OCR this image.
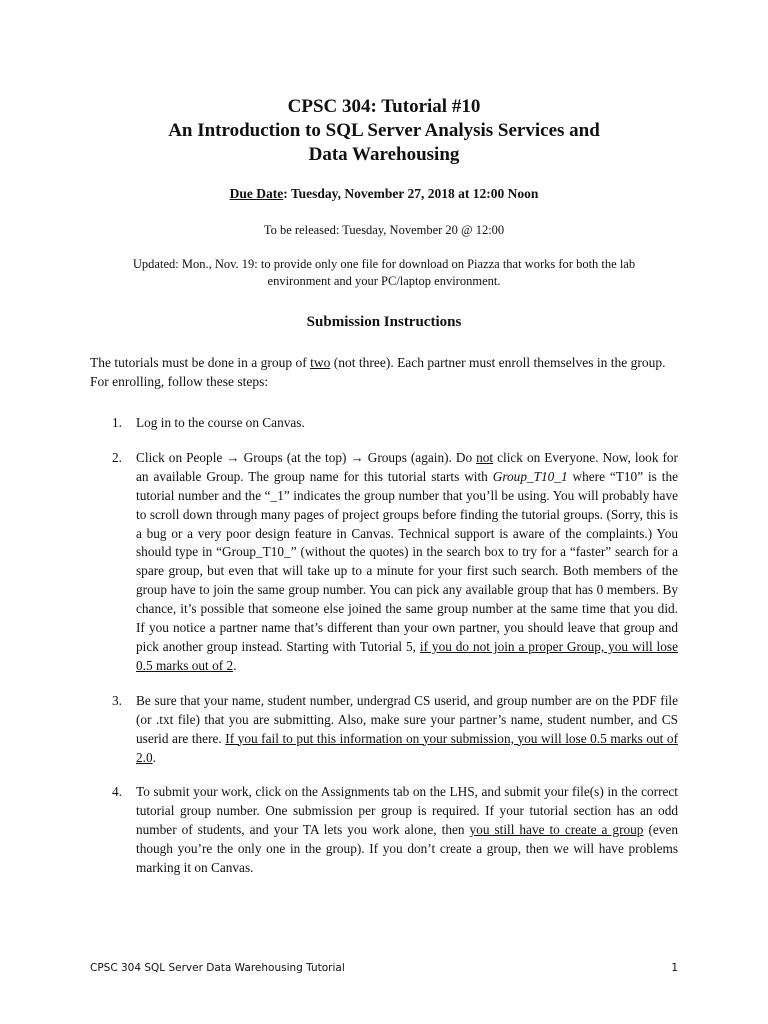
CPSC 304: Tutorial #10
An Introduction to SQL Server Analysis Services and
Data Warehousing
Due Date: Tuesday, November 27, 2018 at 12:00 Noon
To be released: Tuesday, November 20 @ 12:00
Updated: Mon., Nov. 19: to provide only one file for download on Piazza that works for both the lab
environment and your PC/laptop environment.
Submission Instructions
The tutorials must be done in a group of two (not three). Each partner must enroll themselves in the group. For enrolling, follow these steps:
1.	Log in to the course on Canvas.
2.	Click on People → Groups (at the top) → Groups (again). Do not click on Everyone. Now, look for an available Group. The group name for this tutorial starts with Group_T10_1 where “T10” is the tutorial number and the “_1” indicates the group number that you’ll be using. You will probably have to scroll down through many pages of project groups before finding the tutorial groups. (Sorry, this is a bug or a very poor design feature in Canvas. Technical support is aware of the complaints.) You should type in “Group_T10_” (without the quotes) in the search box to try for a “faster” search for a spare group, but even that will take up to a minute for your first such search. Both members of the group have to join the same group number. You can pick any available group that has 0 members. By chance, it’s possible that someone else joined the same group number at the same time that you did. If you notice a partner name that’s different than your own partner, you should leave that group and pick another group instead. Starting with Tutorial 5, if you do not join a proper Group, you will lose 0.5 marks out of 2.
3.	Be sure that your name, student number, undergrad CS userid, and group number are on the PDF file (or .txt file) that you are submitting. Also, make sure your partner’s name, student number, and CS userid are there. If you fail to put this information on your submission, you will lose 0.5 marks out of 2.0.
4.	To submit your work, click on the Assignments tab on the LHS, and submit your file(s) in the correct tutorial group number. One submission per group is required. If your tutorial section has an odd number of students, and your TA lets you work alone, then you still have to create a group (even though you’re the only one in the group). If you don’t create a group, then we will have problems marking it on Canvas.
CPSC 304 SQL Server Data Warehousing Tutorial	1
